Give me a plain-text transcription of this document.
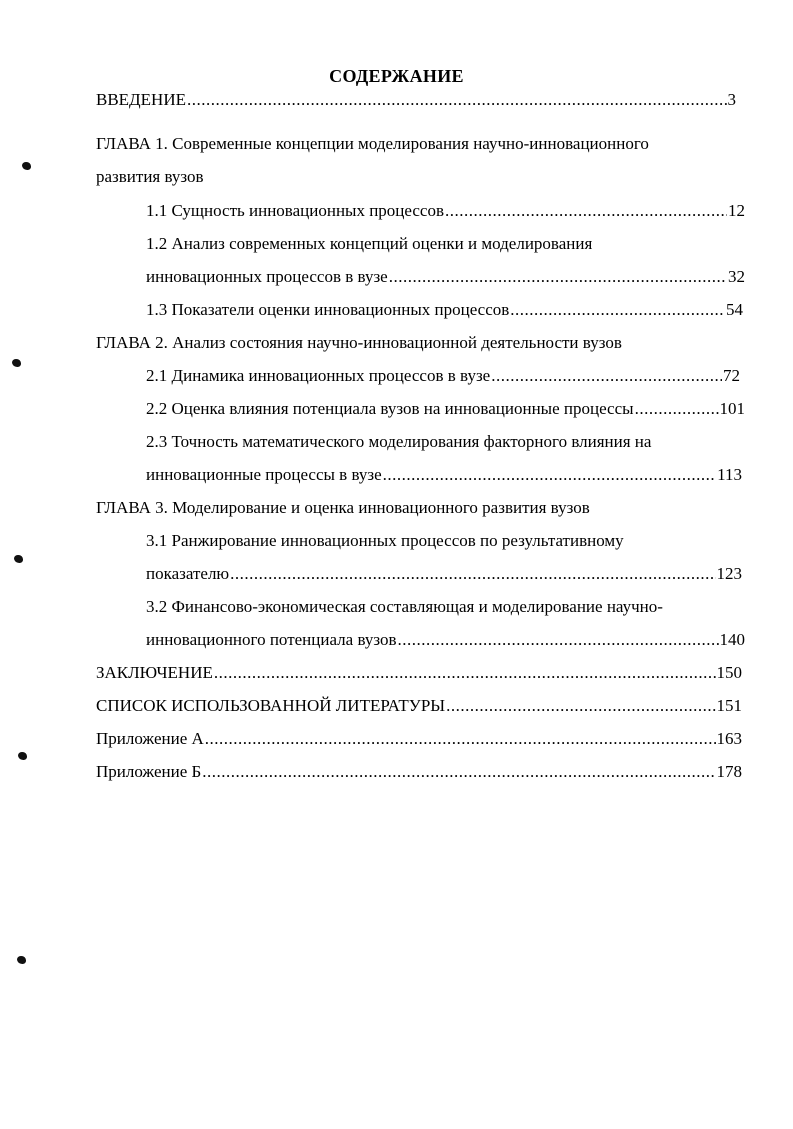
СОДЕРЖАНИЕ
ВВЕДЕНИЕ .....	3
ГЛАВА 1. Современные концепции моделирования научно-инновационного
развития вузов
1.1 Сущность инновационных процессов .....	12
1.2 Анализ современных концепций оценки и моделирования
инновационных процессов в вузе .....	32
1.3 Показатели оценки инновационных процессов .....	54
ГЛАВА 2. Анализ состояния научно-инновационной деятельности вузов
2.1 Динамика инновационных процессов в вузе .....	72
2.2 Оценка влияния потенциала вузов на инновационные процессы .....	101
2.3 Точность математического моделирования факторного влияния на
инновационные процессы в вузе .....	113
ГЛАВА 3. Моделирование и оценка инновационного развития вузов
3.1 Ранжирование инновационных процессов по результативному
показателю .....	123
3.2 Финансово-экономическая составляющая и моделирование научно-
инновационного потенциала вузов .....	140
ЗАКЛЮЧЕНИЕ .....	150
СПИСОК ИСПОЛЬЗОВАННОЙ ЛИТЕРАТУРЫ .....	151
Приложение А .....	163
Приложение Б .....	178
